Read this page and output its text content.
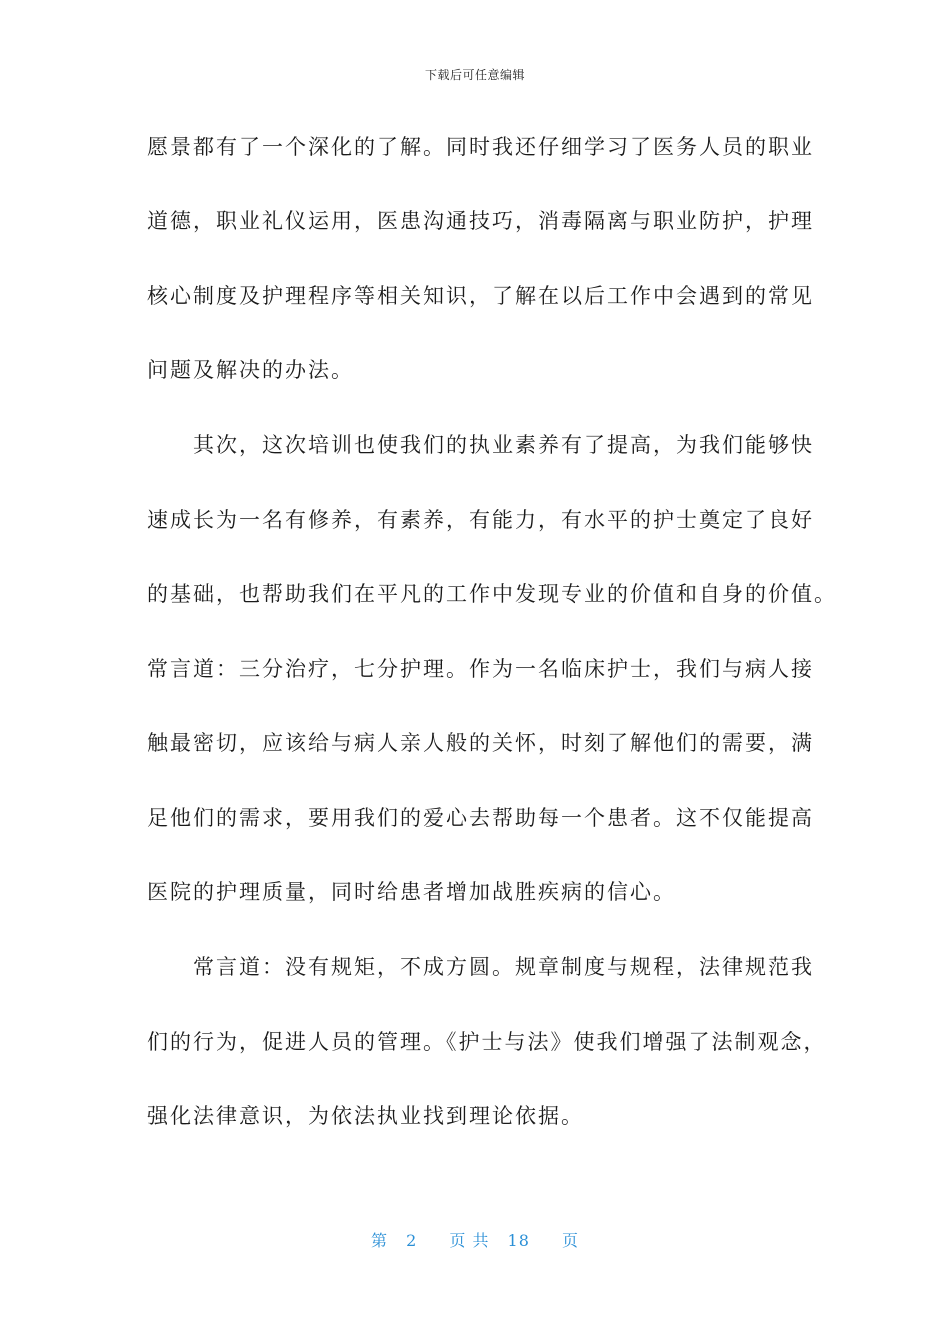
下载后可任意编辑
愿景都有了一个深化的了解。同时我还仔细学习了医务人员的职业
道德，职业礼仪运用，医患沟通技巧，消毒隔离与职业防护，护理
核心制度及护理程序等相关知识，了解在以后工作中会遇到的常见
问题及解决的办法。
　　其次，这次培训也使我们的执业素养有了提高，为我们能够快
速成长为一名有修养，有素养，有能力，有水平的护士奠定了良好
的基础，也帮助我们在平凡的工作中发现专业的价值和自身的价值。
常言道：三分治疗，七分护理。作为一名临床护士，我们与病人接
触最密切，应该给与病人亲人般的关怀，时刻了解他们的需要，满
足他们的需求，要用我们的爱心去帮助每一个患者。这不仅能提高
医院的护理质量，同时给患者增加战胜疾病的信心。
　　常言道：没有规矩，不成方圆。规章制度与规程，法律规范我
们的行为，促进人员的管理。《护士与法》使我们增强了法制观念，
强化法律意识，为依法执业找到理论依据。
第 2 页 共 18 页
